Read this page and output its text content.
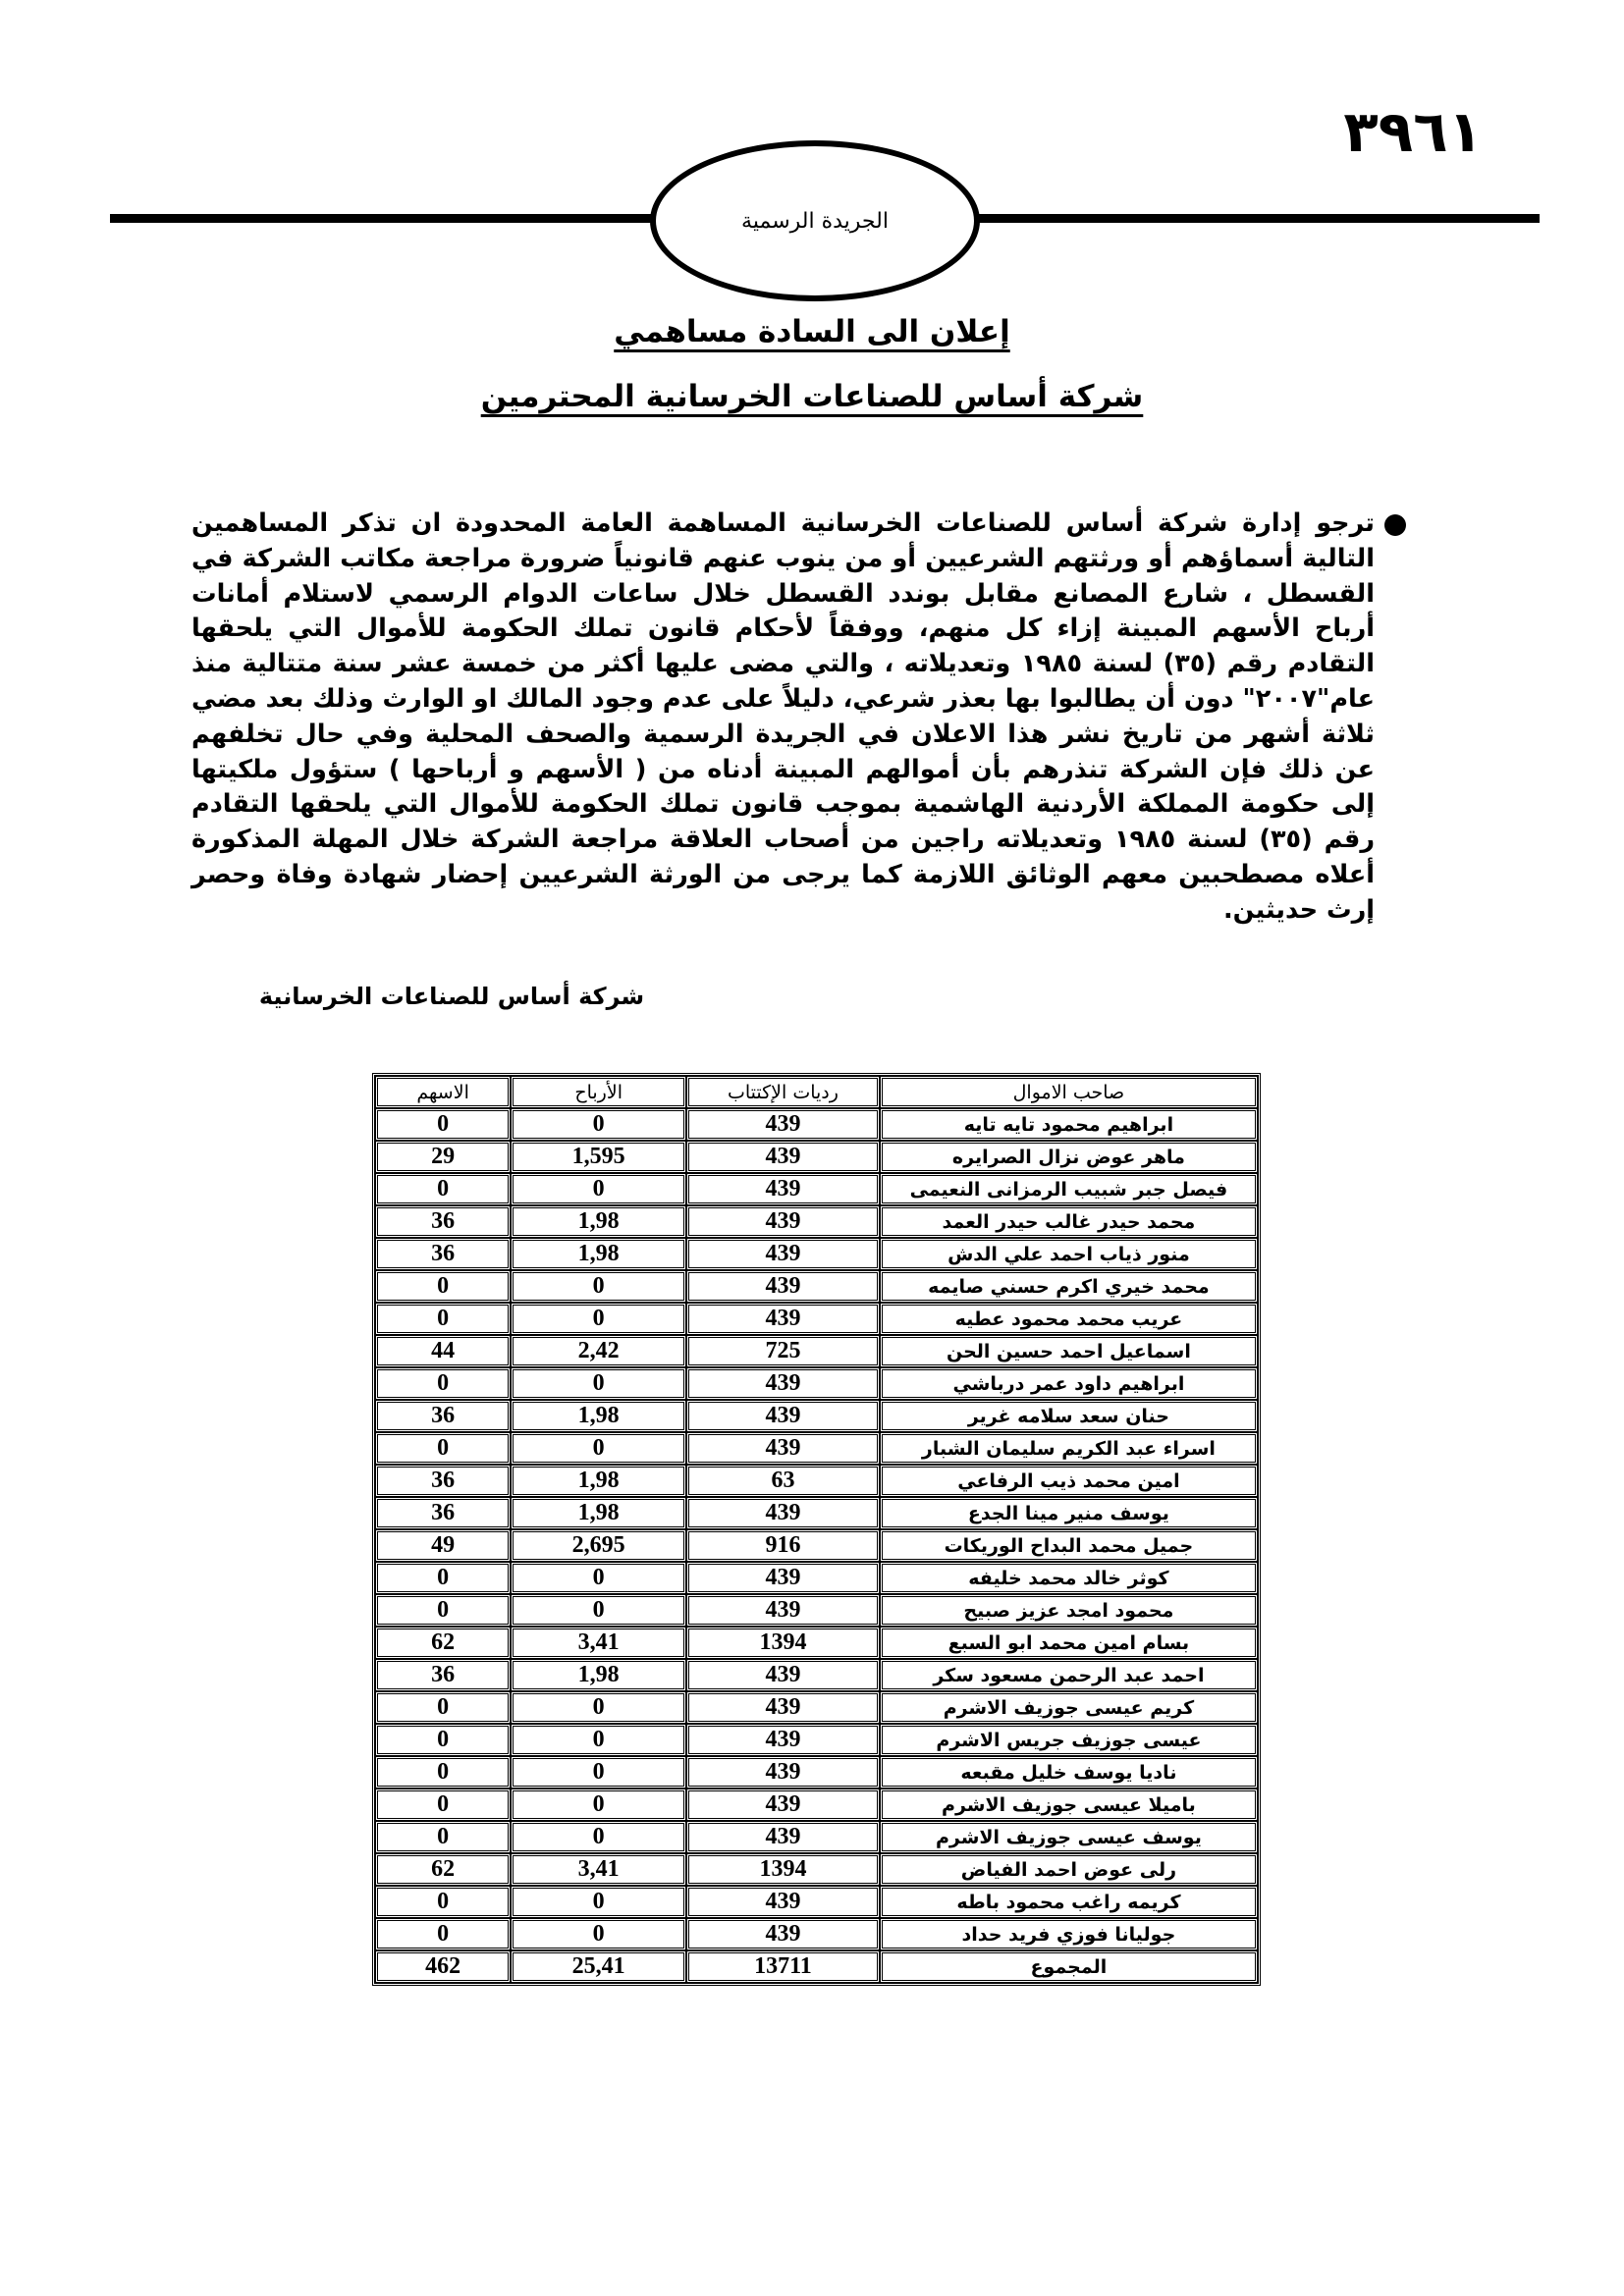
٣٩٦١
الجريدة الرسمية
إعلان الى السادة مساهمي
شركة أساس للصناعات الخرسانية المحترمين
ترجو إدارة شركة أساس للصناعات الخرسانية المساهمة العامة المحدودة ان تذكر المساهمين التالية أسماؤهم أو ورثتهم الشرعيين أو من ينوب عنهم قانونياً ضرورة مراجعة مكاتب الشركة في القسطل ، شارع المصانع مقابل بوندد القسطل خلال ساعات الدوام الرسمي لاستلام أمانات أرباح الأسهم المبينة إزاء كل منهم، ووفقاً لأحكام قانون تملك الحكومة للأموال التي يلحقها التقادم رقم (٣٥) لسنة ١٩٨٥ وتعديلاته ، والتي مضى عليها أكثر من خمسة عشر سنة متتالية منذ عام"٢٠٠٧" دون أن يطالبوا بها بعذر شرعي، دليلاً على عدم وجود المالك او الوارث وذلك بعد مضي ثلاثة أشهر من تاريخ نشر هذا الاعلان في الجريدة الرسمية والصحف المحلية وفي حال تخلفهم عن ذلك فإن الشركة تنذرهم بأن أموالهم المبينة أدناه من ( الأسهم و أرباحها ) ستؤول ملكيتها إلى حكومة المملكة الأردنية الهاشمية بموجب قانون تملك الحكومة للأموال التي يلحقها التقادم رقم (٣٥) لسنة ١٩٨٥ وتعديلاته راجين من أصحاب العلاقة مراجعة الشركة خلال المهلة المذكورة أعلاه مصطحبين معهم الوثائق اللازمة كما يرجى من الورثة الشرعيين إحضار شهادة وفاة وحصر إرث حديثين.
شركة أساس للصناعات الخرسانية
صاحب الاموال	رديات الإكتتاب	الأرباح	الاسهم
ابراهيم محمود تايه تايه	439	0	0
ماهر عوض نزال الصرايره	439	1,595	29
فيصل جبر شبيب الرمزانى النعيمى	439	0	0
محمد حيدر غالب حيدر العمد	439	1,98	36
منور ذياب احمد علي الدش	439	1,98	36
محمد خيري اكرم حسني صايمه	439	0	0
عريب محمد محمود عطيه	439	0	0
اسماعيل احمد حسين الحن	725	2,42	44
ابراهيم داود عمر درباشي	439	0	0
حنان سعد سلامه غرير	439	1,98	36
اسراء عبد الكريم سليمان الشبار	439	0	0
امين محمد ذيب الرفاعي	63	1,98	36
يوسف منير مينا الجدع	439	1,98	36
جميل محمد البداح الوريكات	916	2,695	49
كوثر خالد محمد خليفه	439	0	0
محمود امجد عزيز صبيح	439	0	0
بسام امين محمد ابو السبع	1394	3,41	62
احمد عبد الرحمن مسعود سكر	439	1,98	36
كريم عيسى جوزيف الاشرم	439	0	0
عيسى جوزيف جريس الاشرم	439	0	0
ناديا يوسف خليل مقبعه	439	0	0
باميلا عيسى جوزيف الاشرم	439	0	0
يوسف عيسى جوزيف الاشرم	439	0	0
رلى عوض احمد الفياض	1394	3,41	62
كريمه راغب محمود باطه	439	0	0
جوليانا فوزي فريد حداد	439	0	0
المجموع	13711	25,41	462
